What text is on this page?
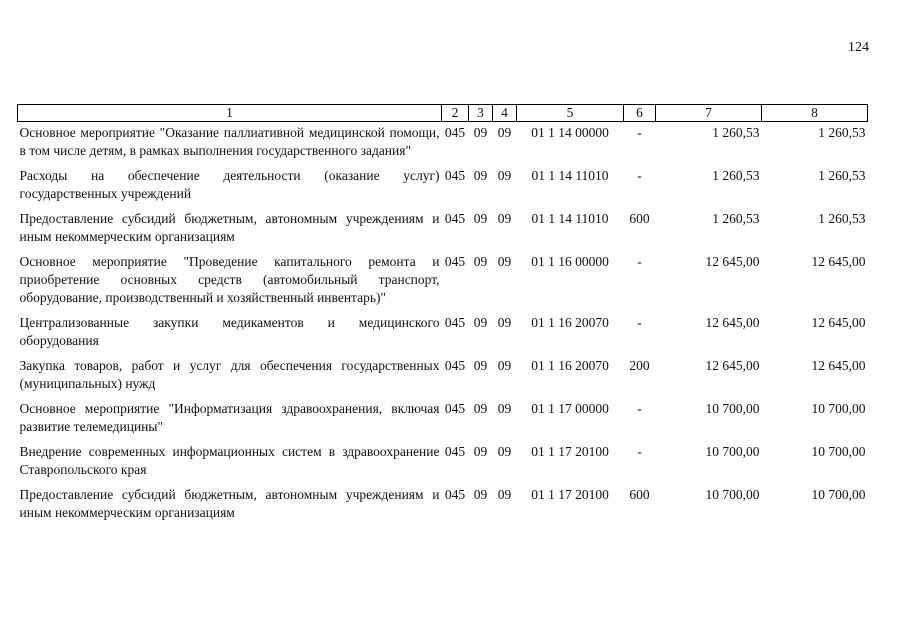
124
1	2	3	4	5	6	7	8
Основное мероприятие "Оказание паллиативной медицинской помощи, в том числе детям, в рамках выполнения государственного задания"	045	09	09	01 1 14 00000	-	1 260,53	1 260,53
Расходы на обеспечение деятельности (оказание услуг) государственных учреждений	045	09	09	01 1 14 11010	-	1 260,53	1 260,53
Предоставление субсидий бюджетным, автономным учреждениям и иным некоммерческим организациям	045	09	09	01 1 14 11010	600	1 260,53	1 260,53
Основное мероприятие "Проведение капитального ремонта и приобретение основных средств (автомобильный транспорт, оборудование, производственный и хозяйственный инвентарь)"	045	09	09	01 1 16 00000	-	12 645,00	12 645,00
Централизованные закупки медикаментов и медицинского оборудования	045	09	09	01 1 16 20070	-	12 645,00	12 645,00
Закупка товаров, работ и услуг для обеспечения государственных (муниципальных) нужд	045	09	09	01 1 16 20070	200	12 645,00	12 645,00
Основное мероприятие "Информатизация здравоохранения, включая развитие телемедицины"	045	09	09	01 1 17 00000	-	10 700,00	10 700,00
Внедрение современных информационных систем в здравоохранение Ставропольского края	045	09	09	01 1 17 20100	-	10 700,00	10 700,00
Предоставление субсидий бюджетным, автономным учреждениям и иным некоммерческим организациям	045	09	09	01 1 17 20100	600	10 700,00	10 700,00
